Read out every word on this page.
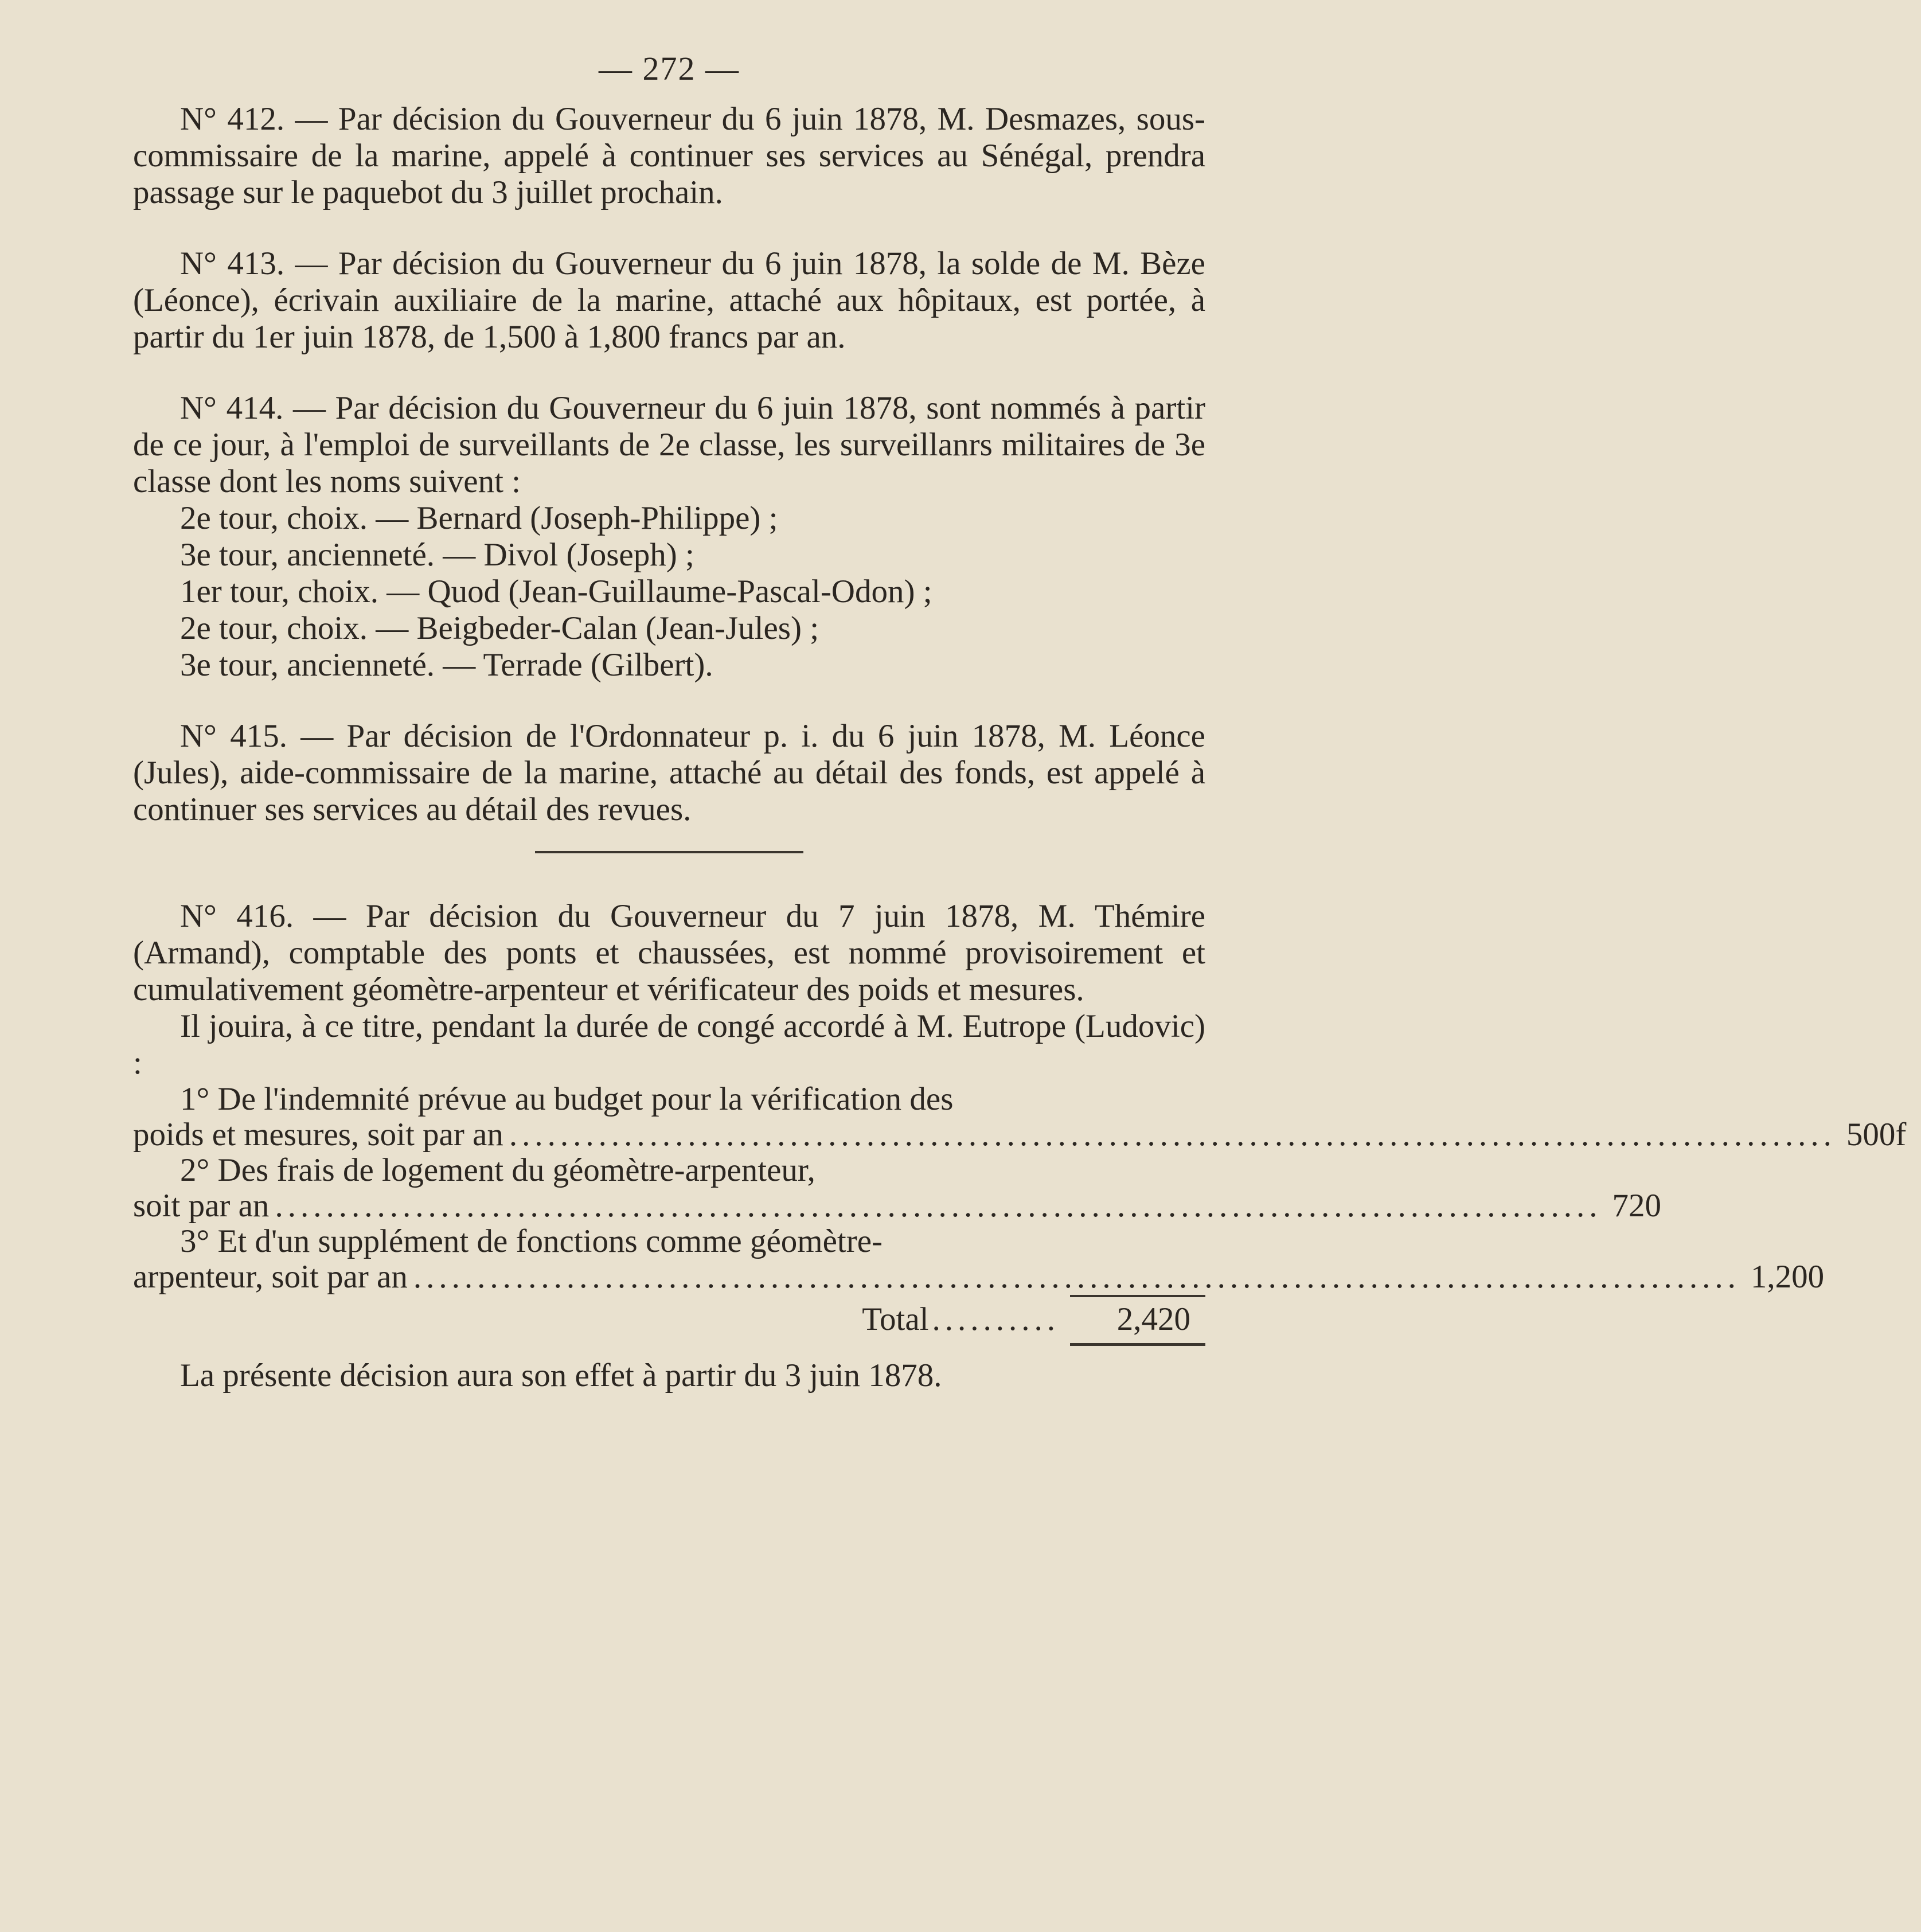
— 272 —

N° 412. — Par décision du Gouverneur du 6 juin 1878, M. Desmazes, sous-commissaire de la marine, appelé à continuer ses services au Sénégal, prendra passage sur le paquebot du 3 juillet prochain.

N° 413. — Par décision du Gouverneur du 6 juin 1878, la solde de M. Bèze (Léonce), écrivain auxiliaire de la marine, attaché aux hôpitaux, est portée, à partir du 1er juin 1878, de 1,500 à 1,800 francs par an.

N° 414. — Par décision du Gouverneur du 6 juin 1878, sont nommés à partir de ce jour, à l'emploi de surveillants de 2e classe, les surveillanrs militaires de 3e classe dont les noms suivent :

2e tour, choix. — Bernard (Joseph-Philippe) ;
3e tour, ancienneté. — Divol (Joseph) ;
1er tour, choix. — Quod (Jean-Guillaume-Pascal-Odon) ;
2e tour, choix. — Beigbeder-Calan (Jean-Jules) ;
3e tour, ancienneté. — Terrade (Gilbert).

N° 415. — Par décision de l'Ordonnateur p. i. du 6 juin 1878, M. Léonce (Jules), aide-commissaire de la marine, attaché au détail des fonds, est appelé à continuer ses services au détail des revues.

N° 416. — Par décision du Gouverneur du 7 juin 1878, M. Thémire (Armand), comptable des ponts et chaussées, est nommé provisoirement et cumulativement géomètre-arpenteur et vérificateur des poids et mesures.

Il jouira, à ce titre, pendant la durée de congé accordé à M. Eutrope (Ludovic) :

1° De l'indemnité prévue au budget pour la vérification des

poids et mesures, soit par an ........................................................................................................ 500f

2° Des frais de logement du géomètre-arpenteur,

soit par an ........................................................................................................ 720

3° Et d'un supplément de fonctions comme géomètre-

arpenteur, soit par an ........................................................................................................ 1,200
Total ..........	2,420

La présente décision aura son effet à partir du 3 juin 1878.
